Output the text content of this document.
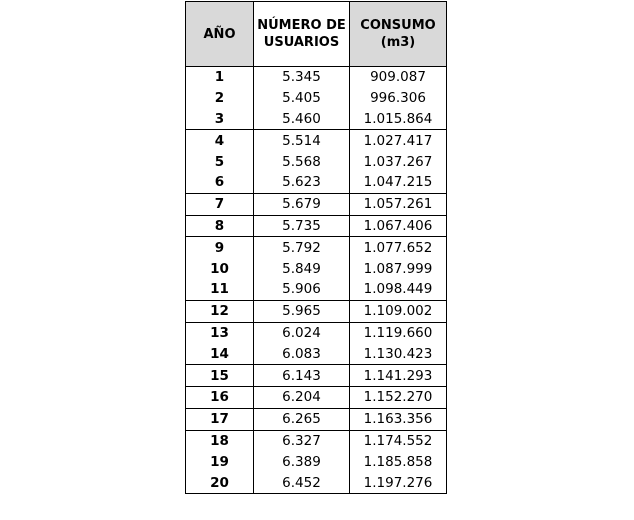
AÑO	NÚMERO DE USUARIOS	CONSUMO (m3)
1	5.345	909.087
2	5.405	996.306
3	5.460	1.015.864
4	5.514	1.027.417
5	5.568	1.037.267
6	5.623	1.047.215
7	5.679	1.057.261
8	5.735	1.067.406
9	5.792	1.077.652
10	5.849	1.087.999
11	5.906	1.098.449
12	5.965	1.109.002
13	6.024	1.119.660
14	6.083	1.130.423
15	6.143	1.141.293
16	6.204	1.152.270
17	6.265	1.163.356
18	6.327	1.174.552
19	6.389	1.185.858
20	6.452	1.197.276
